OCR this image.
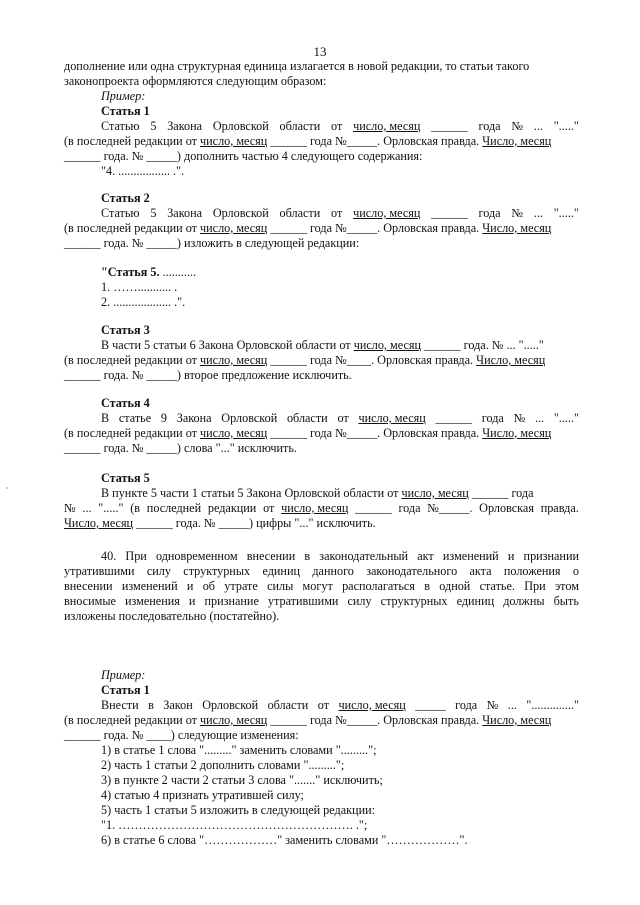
13
дополнение или одна структурная единица излагается в новой редакции, то статьи такого
законопроекта оформляются следующим образом:
Пример:
Статья 1
Статью 5 Закона Орловской области от число, месяц ______ года № ... "....."
(в последней редакции от число, месяц ______ года №_____. Орловская правда. Число, месяц
______ года. № _____) дополнить частью 4 следующего содержания:
"4. ................. .".
Статья 2
Статью 5 Закона Орловской области от число, месяц ______ года № ... "....."
(в последней редакции от число, месяц ______ года №_____. Орловская правда. Число, месяц
______ года. № _____) изложить в следующей редакции:
"Статья 5. ...........
1. ……........... .
2. ................... .".
Статья 3
В части 5 статьи 6 Закона Орловской области от число, месяц ______ года. № ... "....."
(в последней редакции от число, месяц ______ года №____. Орловская правда. Число, месяц
______ года. № _____) второе предложение исключить.
Статья 4
В статье 9 Закона Орловской области от число, месяц ______ года № ... "....."
(в последней редакции от число, месяц ______ года №_____. Орловская правда. Число, месяц
______ года. № _____) слова "..." исключить.
Статья 5
В пункте 5 части 1 статьи 5 Закона Орловской области от число, месяц ______ года
№ ... "....." (в последней редакции от число, месяц ______ года №_____. Орловская правда.
Число, месяц ______ года. № _____) цифры "..." исключить.
40. При одновременном внесении в законодательный акт изменений и признании
утратившими силу структурных единиц данного законодательного акта положения о
внесении изменений и об утрате силы могут располагаться в одной статье. При этом
вносимые изменения и признание утратившими силу структурных единиц должны быть
изложены последовательно (постатейно).
Пример:
Статья 1
Внести в Закон Орловской области от число, месяц _____ года № ... ".............."
(в последней редакции от число, месяц ______ года №_____. Орловская правда. Число, месяц
______ года. № ____) следующие изменения:
1) в статье 1 слова "........." заменить словами ".........";
2) часть 1 статьи 2 дополнить словами ".........";
3) в пункте 2 части 2 статьи 3 слова "......." исключить;
4) статью 4 признать утратившей силу;
5) часть 1 статьи 5 изложить в следующей редакции:
"1. …………………………………………………. .";
6) в статье 6 слова "………………" заменить словами "………………".
